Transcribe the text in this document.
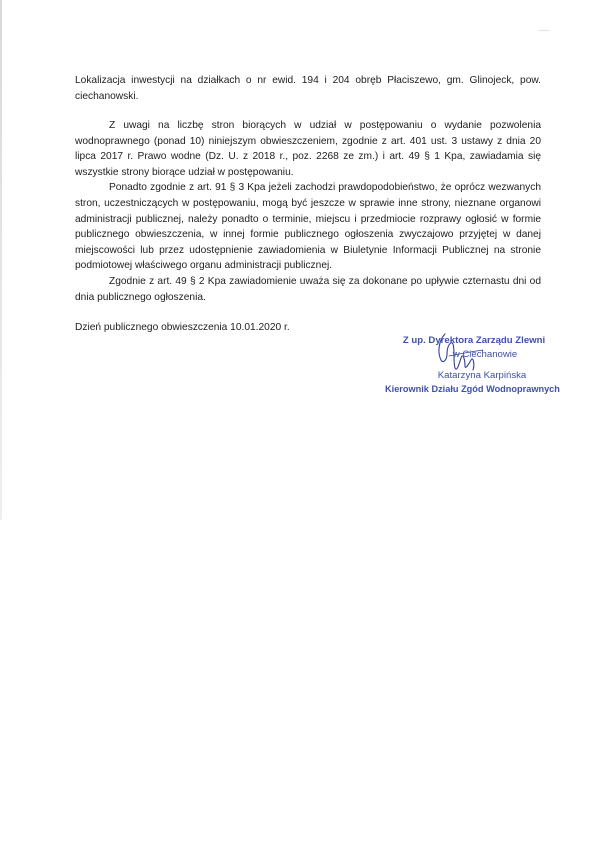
Lokalizacja inwestycji na działkach o nr ewid. 194 i 204 obręb Płaciszewo, gm. Glinojeck, pow. ciechanowski.

Z uwagi na liczbę stron biorących w udział w postępowaniu o wydanie pozwolenia wodnoprawnego (ponad 10) niniejszym obwieszczeniem, zgodnie z art. 401 ust. 3 ustawy z dnia 20 lipca 2017 r. Prawo wodne (Dz. U. z 2018 r., poz. 2268 ze zm.) i art. 49 § 1 Kpa, zawiadamia się wszystkie strony biorące udział w postępowaniu.

Ponadto zgodnie z art. 91 § 3 Kpa jeżeli zachodzi prawdopodobieństwo, że oprócz wezwanych stron, uczestniczących w postępowaniu, mogą być jeszcze w sprawie inne strony, nieznane organowi administracji publicznej, należy ponadto o terminie, miejscu i przedmiocie rozprawy ogłosić w formie publicznego obwieszczenia, w innej formie publicznego ogłoszenia zwyczajowo przyjętej w danej miejscowości lub przez udostępnienie zawiadomienia w Biuletynie Informacji Publicznej na stronie podmiotowej właściwego organu administracji publicznej.

Zgodnie z art. 49 § 2 Kpa zawiadomienie uważa się za dokonane po upływie czternastu dni od dnia publicznego ogłoszenia.

Dzień publicznego obwieszczenia 10.01.2020 r.
Z up. Dyrektora Zarządu Zlewni
w Ciechanowie
Katarzyna Karpińska
Kierownik Działu Zgód Wodnoprawnych
